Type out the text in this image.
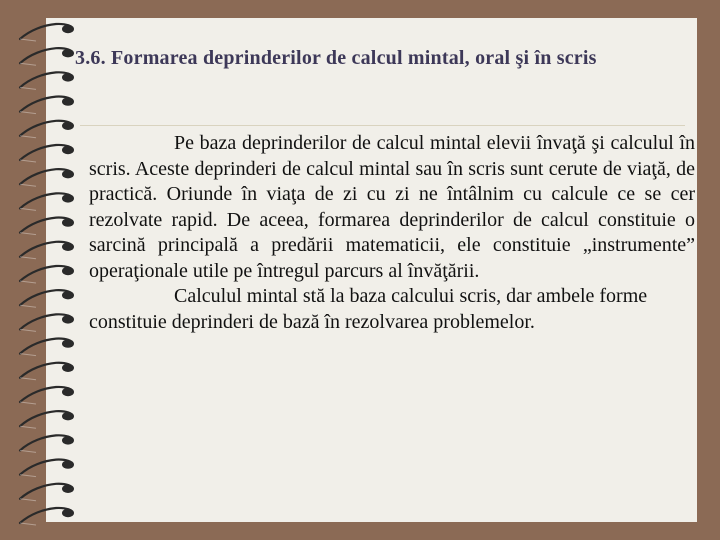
3.6. Formarea deprinderilor de calcul mintal, oral şi în scris

Pe baza deprinderilor de calcul mintal elevii învaţă şi calculul în scris. Aceste deprinderi de calcul mintal sau în scris sunt cerute de viaţă, de practică. Oriunde în viaţa de zi cu zi ne întâlnim cu calcule ce se cer rezolvate rapid. De aceea, formarea deprinderilor de calcul constituie o sarcină principală a predării matematicii, ele constituie „instrumente” operaţionale utile pe întregul parcurs al învăţării.

Calculul mintal stă la baza calcului scris, dar ambele forme constituie deprinderi de bază în rezolvarea problemelor.
